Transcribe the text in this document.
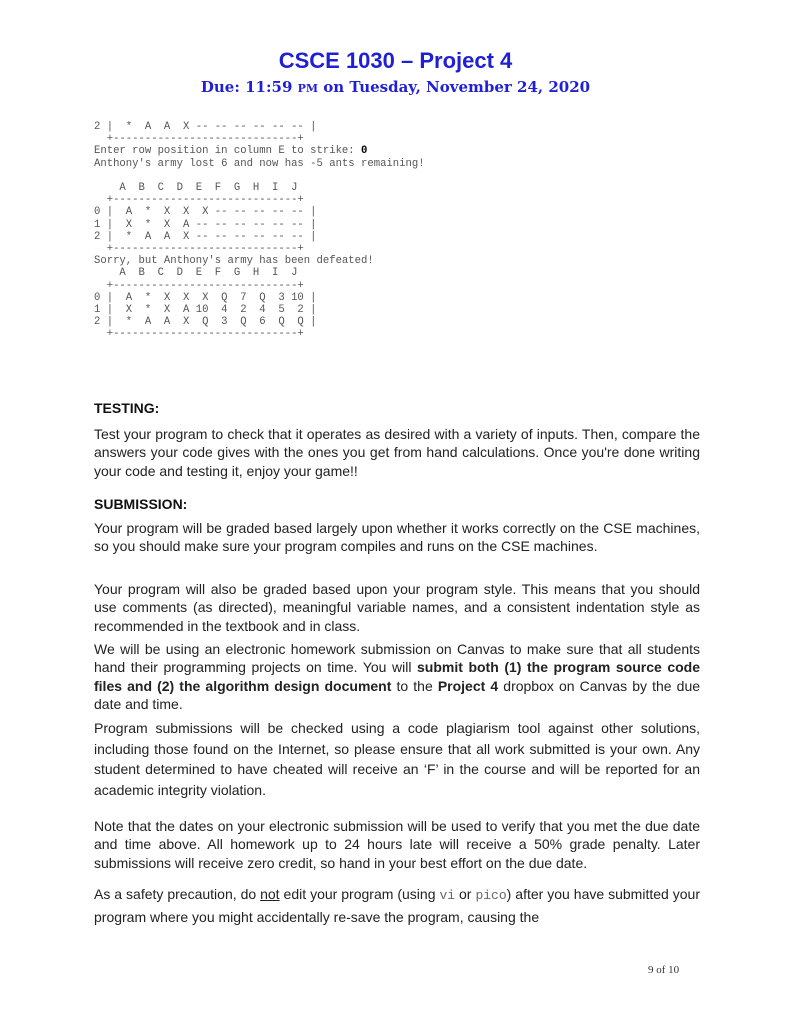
CSCE 1030 – Project 4

Due: 11:59 PM on Tuesday, November 24, 2020

2 |  *  A  A  X -- -- -- -- -- -- |
+-----------------------------+
Enter row position in column E to strike: 0
Anthony's army lost 6 and now has -5 ants remaining!

A  B  C  D  E  F  G  H  I  J
+-----------------------------+
0 |  A  *  X  X  X -- -- -- -- -- |
1 |  X  *  X  A -- -- -- -- -- -- |
2 |  *  A  A  X -- -- -- -- -- -- |
+-----------------------------+
Sorry, but Anthony's army has been defeated!
A  B  C  D  E  F  G  H  I  J
+-----------------------------+
0 |  A  *  X  X  X  Q  7  Q  3 10 |
1 |  X  *  X  A 10  4  2  4  5  2 |
2 |  *  A  A  X  Q  3  Q  6  Q  Q |
+-----------------------------+
TESTING:

Test your program to check that it operates as desired with a variety of inputs. Then, compare the answers your code gives with the ones you get from hand calculations. Once you're done writing your code and testing it, enjoy your game!!

SUBMISSION:

Your program will be graded based largely upon whether it works correctly on the CSE machines, so you should make sure your program compiles and runs on the CSE machines.

Your program will also be graded based upon your program style. This means that you should use comments (as directed), meaningful variable names, and a consistent indentation style as recommended in the textbook and in class.

We will be using an electronic homework submission on Canvas to make sure that all students hand their programming projects on time. You will submit both (1) the program source code files and (2) the algorithm design document to the Project 4 dropbox on Canvas by the due date and time.

Program submissions will be checked using a code plagiarism tool against other solutions, including those found on the Internet, so please ensure that all work submitted is your own. Any student determined to have cheated will receive an ‘F’ in the course and will be reported for an academic integrity violation.

Note that the dates on your electronic submission will be used to verify that you met the due date and time above. All homework up to 24 hours late will receive a 50% grade penalty. Later submissions will receive zero credit, so hand in your best effort on the due date.

As a safety precaution, do not edit your program (using vi or pico) after you have submitted your program where you might accidentally re-save the program, causing the

9 of 10
